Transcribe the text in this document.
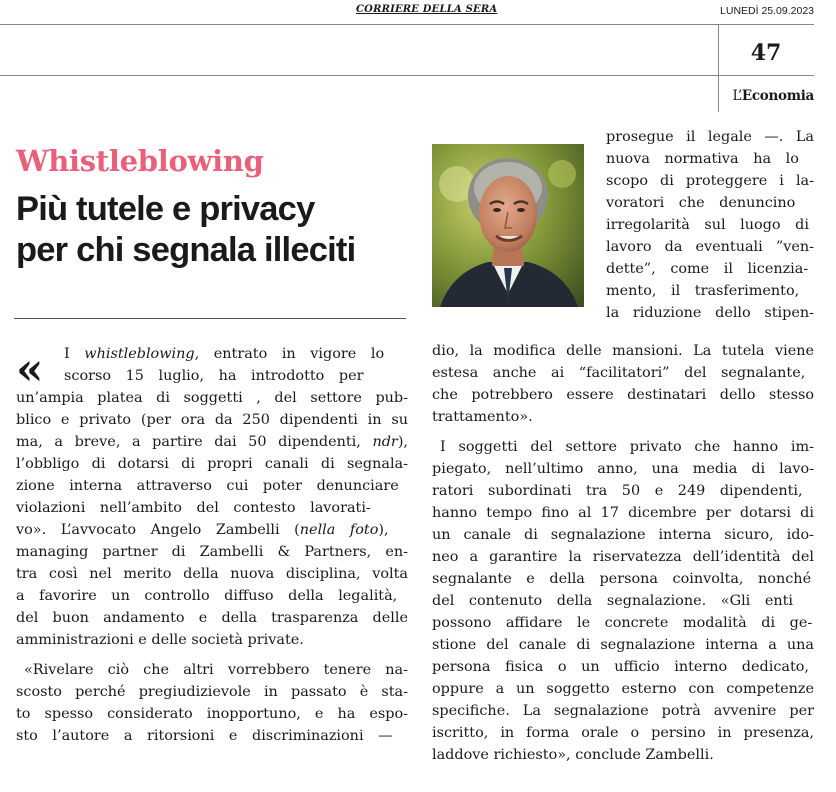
CORRIERE DELLA SERA	LUNEDÌ 25.09.2023
47
L’Economia
Whistleblowing
Più tutele e privacy
per chi segnala illeciti
« I whistleblowing, entrato in vigore lo
scorso 15 luglio, ha introdotto per
un’ampia platea di soggetti , del settore pub-
blico e privato (per ora da 250 dipendenti in su
ma, a breve, a partire dai 50 dipendenti, ndr),
l’obbligo di dotarsi di propri canali di segnala-
zione interna attraverso cui poter denunciare
violazioni nell’ambito del contesto lavorati-
vo». L’avvocato Angelo Zambelli (nella foto),
managing partner di Zambelli & Partners, en-
tra così nel merito della nuova disciplina, volta
a favorire un controllo diffuso della legalità,
del buon andamento e della trasparenza delle
amministrazioni e delle società private.
«Rivelare ciò che altri vorrebbero tenere na-
scosto perché pregiudizievole in passato è sta-
to spesso considerato inopportuno, e ha espo-
sto l’autore a ritorsioni e discriminazioni —
prosegue il legale —. La
nuova normativa ha lo
scopo di proteggere i la-
voratori che denuncino
irregolarità sul luogo di
lavoro da eventuali ”ven-
dette”, come il licenzia-
mento, il trasferimento,
la riduzione dello stipen-
dio, la modifica delle mansioni. La tutela viene
estesa anche ai “facilitatori” del segnalante,
che potrebbero essere destinatari dello stesso
trattamento».
I soggetti del settore privato che hanno im-
piegato, nell’ultimo anno, una media di lavo-
ratori subordinati tra 50 e 249 dipendenti,
hanno tempo fino al 17 dicembre per dotarsi di
un canale di segnalazione interna sicuro, ido-
neo a garantire la riservatezza dell’identità del
segnalante e della persona coinvolta, nonché
del contenuto della segnalazione. «Gli enti
possono affidare le concrete modalità di ge-
stione del canale di segnalazione interna a una
persona fisica o un ufficio interno dedicato,
oppure a un soggetto esterno con competenze
specifiche. La segnalazione potrà avvenire per
iscritto, in forma orale o persino in presenza,
laddove richiesto», conclude Zambelli.
